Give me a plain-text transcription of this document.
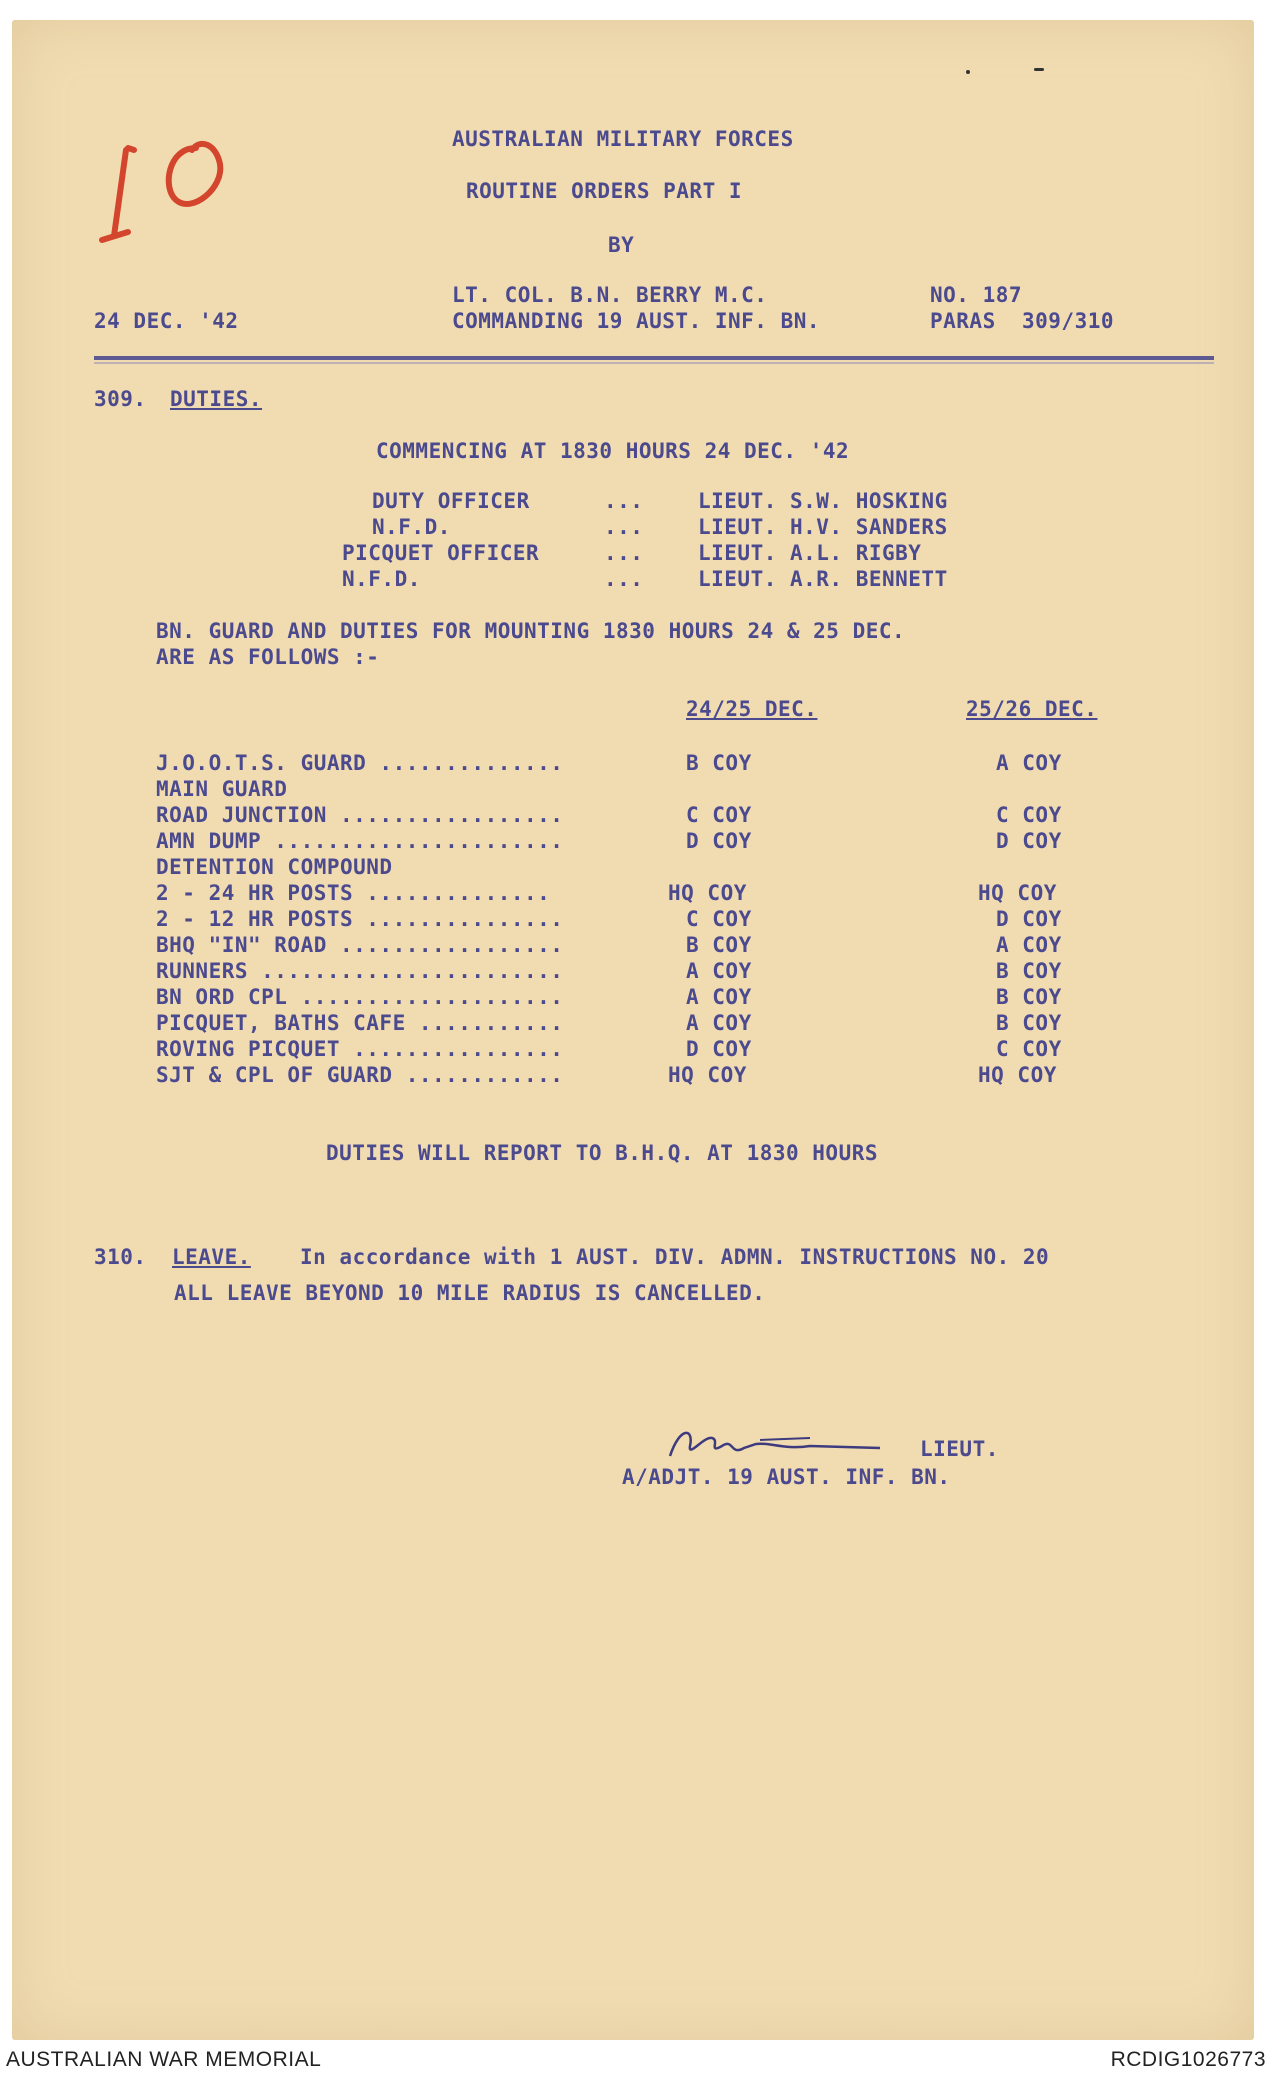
AUSTRALIAN MILITARY FORCES
ROUTINE ORDERS PART I
BY
LT. COL. B.N. BERRY M.C.	NO. 187
24 DEC. '42	COMMANDING 19 AUST. INF. BN.	PARAS  309/310
309. DUTIES.
COMMENCING AT 1830 HOURS 24 DEC. '42
DUTY OFFICER	...	LIEUT. S.W. HOSKING
N.F.D.	...	LIEUT. H.V. SANDERS
PICQUET OFFICER	...	LIEUT. A.L. RIGBY
N.F.D.	...	LIEUT. A.R. BENNETT
BN. GUARD AND DUTIES FOR MOUNTING 1830 HOURS 24 & 25 DEC.
ARE AS FOLLOWS :-
24/25 DEC.	25/26 DEC.
J.O.O.T.S. GUARD ..............	B COY	A COY
MAIN GUARD
ROAD JUNCTION .................	C COY	C COY
AMN DUMP ......................	D COY	D COY
DETENTION COMPOUND
2 - 24 HR POSTS ..............	HQ COY	HQ COY
2 - 12 HR POSTS ...............	C COY	D COY
BHQ "IN" ROAD .................	B COY	A COY
RUNNERS .......................	A COY	B COY
BN ORD CPL ....................	A COY	B COY
PICQUET, BATHS CAFE ...........	A COY	B COY
ROVING PICQUET ................	D COY	C COY
SJT & CPL OF GUARD ............	HQ COY	HQ COY
DUTIES WILL REPORT TO B.H.Q. AT 1830 HOURS
310. LEAVE. In accordance with 1 AUST. DIV. ADMN. INSTRUCTIONS NO. 20
ALL LEAVE BEYOND 10 MILE RADIUS IS CANCELLED.
LIEUT.
A/ADJT. 19 AUST. INF. BN.
AUSTRALIAN WAR MEMORIAL	RCDIG1026773
